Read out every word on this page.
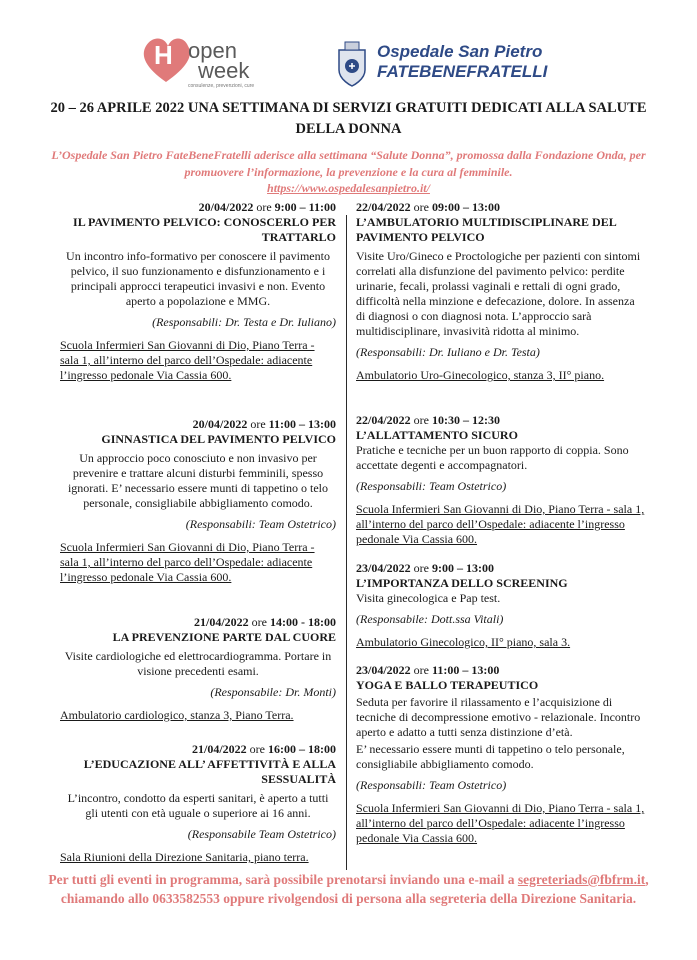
H open
week
consulenze, prevenzioni, cure
Ospedale San Pietro
FATEBENEFRATELLI
20 – 26 APRILE 2022 UNA SETTIMANA DI SERVIZI GRATUITI DEDICATI ALLA SALUTE DELLA DONNA
L’Ospedale San Pietro FateBeneFratelli aderisce alla settimana “Salute Donna”, promossa dalla Fondazione Onda, per promuovere l’informazione, la prevenzione e la cura al femminile.
https://www.ospedalesanpietro.it/
20/04/2022 ore 9:00 – 11:00
IL PAVIMENTO PELVICO: CONOSCERLO PER TRATTARLO
Un incontro info-formativo per conoscere il pavimento pelvico, il suo funzionamento e disfunzionamento e i principali approcci terapeutici invasivi e non. Evento aperto a popolazione e MMG.
(Responsabili: Dr. Testa e Dr. Iuliano)
Scuola Infermieri San Giovanni di Dio, Piano Terra - sala 1, all’interno del parco dell’Ospedale: adiacente l’ingresso pedonale Via Cassia 600.
20/04/2022 ore 11:00 – 13:00
GINNASTICA DEL PAVIMENTO PELVICO
Un approccio poco conosciuto e non invasivo per prevenire e trattare alcuni disturbi femminili, spesso ignorati. E’ necessario essere munti di tappetino o telo personale, consigliabile abbigliamento comodo.
(Responsabili: Team Ostetrico)
Scuola Infermieri San Giovanni di Dio, Piano Terra - sala 1, all’interno del parco dell’Ospedale: adiacente l’ingresso pedonale Via Cassia 600.
21/04/2022 ore 14:00 - 18:00
LA PREVENZIONE PARTE DAL CUORE
Visite cardiologiche ed elettrocardiogramma. Portare in visione precedenti esami.
(Responsabile: Dr. Monti)
Ambulatorio cardiologico, stanza 3, Piano Terra.
21/04/2022 ore 16:00 – 18:00
L’EDUCAZIONE ALL’ AFFETTIVITÀ E ALLA SESSUALITÀ
L’incontro, condotto da esperti sanitari, è aperto a tutti gli utenti con età uguale o superiore ai 16 anni.
(Responsabile Team Ostetrico)
Sala Riunioni della Direzione Sanitaria, piano terra.
22/04/2022 ore 09:00 – 13:00
L’AMBULATORIO MULTIDISCIPLINARE DEL PAVIMENTO PELVICO
Visite Uro/Gineco e Proctologiche per pazienti con sintomi correlati alla disfunzione del pavimento pelvico: perdite urinarie, fecali, prolassi vaginali e rettali di ogni grado, difficoltà nella minzione e defecazione, dolore. In assenza di diagnosi o con diagnosi nota. L’approccio sarà multidisciplinare, invasività ridotta al minimo.
(Responsabili: Dr. Iuliano e Dr. Testa)
Ambulatorio Uro-Ginecologico, stanza 3, II° piano.
22/04/2022 ore 10:30 – 12:30
L’ALLATTAMENTO SICURO
Pratiche e tecniche per un buon rapporto di coppia. Sono accettate degenti e accompagnatori.
(Responsabili: Team Ostetrico)
Scuola Infermieri San Giovanni di Dio, Piano Terra - sala 1, all’interno del parco dell’Ospedale: adiacente l’ingresso pedonale Via Cassia 600.
23/04/2022 ore 9:00 – 13:00
L’IMPORTANZA DELLO SCREENING
Visita ginecologica e Pap test.
(Responsabile: Dott.ssa Vitali)
Ambulatorio Ginecologico, II° piano, sala 3.
23/04/2022 ore 11:00 – 13:00
YOGA E BALLO TERAPEUTICO
Seduta per favorire il rilassamento e l’acquisizione di tecniche di decompressione emotivo - relazionale. Incontro aperto e adatto a tutti senza distinzione d’età.
E’ necessario essere munti di tappetino o telo personale, consigliabile abbigliamento comodo.
(Responsabili: Team Ostetrico)
Scuola Infermieri San Giovanni di Dio, Piano Terra - sala 1, all’interno del parco dell’Ospedale: adiacente l’ingresso pedonale Via Cassia 600.
Per tutti gli eventi in programma, sarà possibile prenotarsi inviando una e-mail a segreteriads@fbfrm.it, chiamando allo 0633582553 oppure rivolgendosi di persona alla segreteria della Direzione Sanitaria.
